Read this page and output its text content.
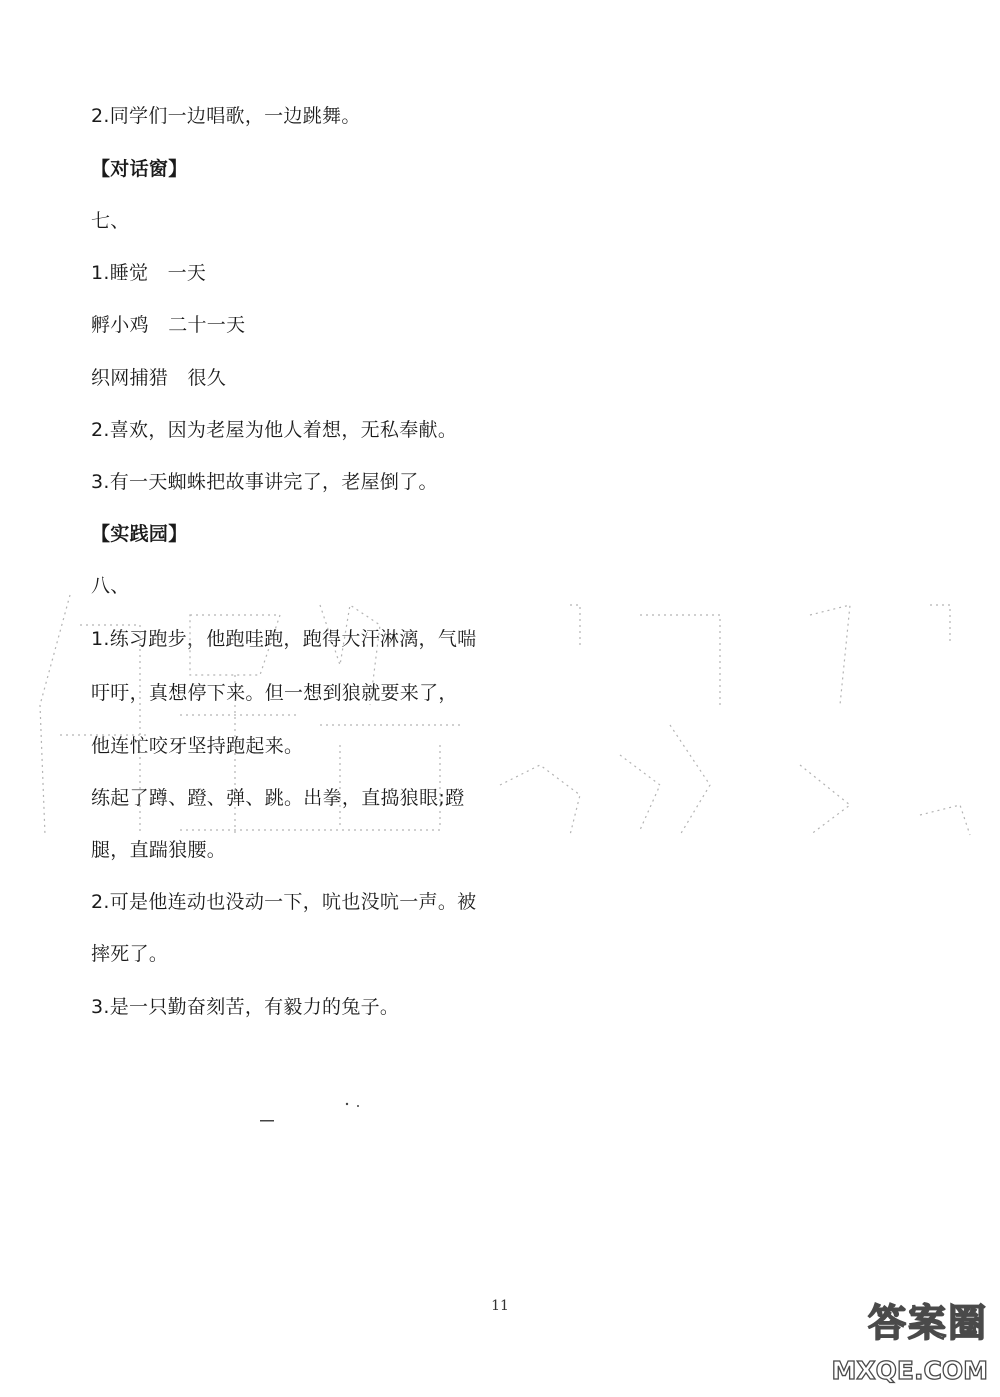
2.同学们一边唱歌，一边跳舞。
【对话窗】
七、
1.睡觉　一天
孵小鸡　二十一天
织网捕猎　很久
2.喜欢，因为老屋为他人着想，无私奉献。
3.有一天蜘蛛把故事讲完了，老屋倒了。
【实践园】
八、
1.练习跑步，他跑哇跑，跑得大汗淋漓，气喘
吁吁，真想停下来。但一想到狼就要来了，
他连忙咬牙坚持跑起来。
练起了蹲、蹬、弹、跳。出拳，直捣狼眼;蹬
腿，直踹狼腰。
2.可是他连动也没动一下，吭也没吭一声。被
摔死了。
3.是一只勤奋刻苦，有毅力的兔子。
11	答案圈
MXQE.COM
